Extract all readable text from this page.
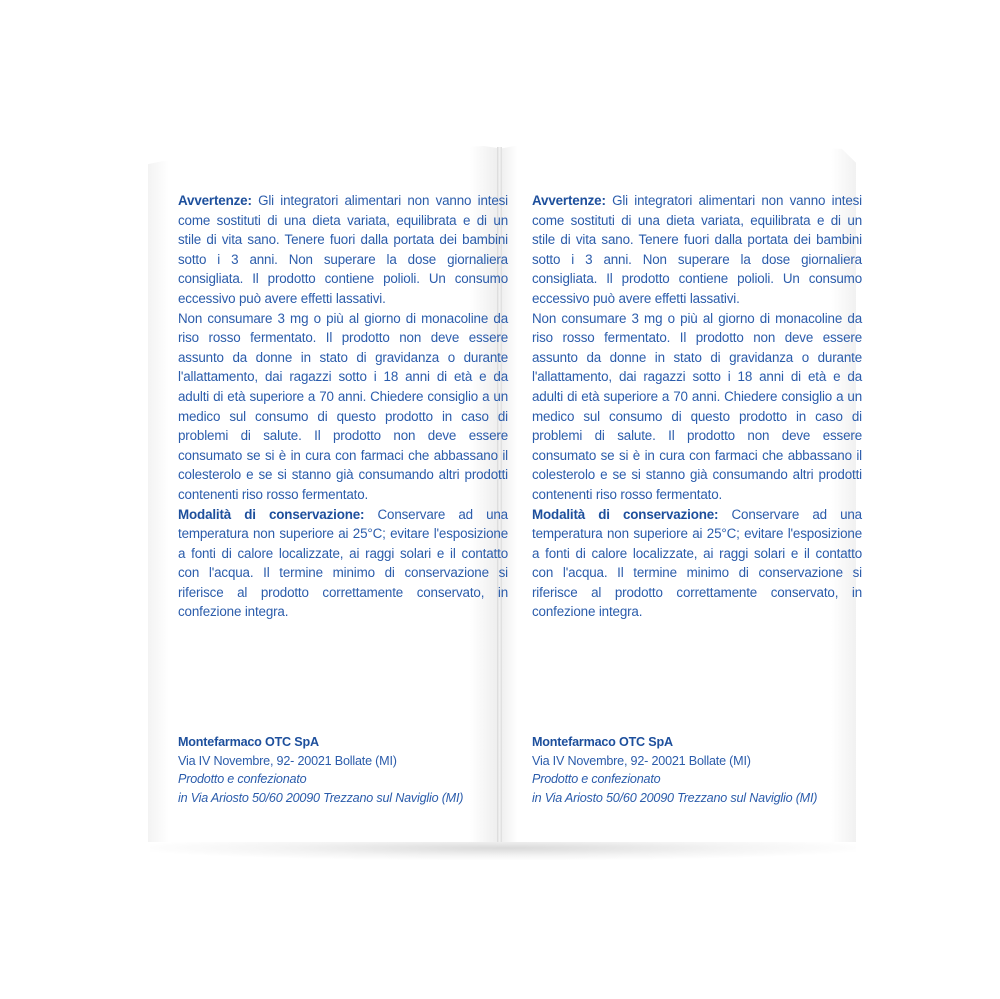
Avvertenze: Gli integratori alimentari non vanno intesi come sostituti di una dieta variata, equilibrata e di un stile di vita sano. Tenere fuori dalla portata dei bambini sotto i 3 anni. Non superare la dose giornaliera consigliata. Il prodotto contiene polioli. Un consumo eccessivo può avere effetti lassativi.

Non consumare 3 mg o più al giorno di monacoline da riso rosso fermentato. Il prodotto non deve essere assunto da donne in stato di gravidanza o durante l'allattamento, dai ragazzi sotto i 18 anni di età e da adulti di età superiore a 70 anni. Chiedere consiglio a un medico sul consumo di questo prodotto in caso di problemi di salute. Il prodotto non deve essere consumato se si è in cura con farmaci che abbassano il colesterolo e se si stanno già consumando altri prodotti contenenti riso rosso fermentato.

Modalità di conservazione: Conservare ad una temperatura non superiore ai 25°C; evitare l'esposizione a fonti di calore localizzate, ai raggi solari e il contatto con l'acqua. Il termine minimo di conservazione si riferisce al prodotto correttamente conservato, in confezione integra.

Montefarmaco OTC SpA
Via IV Novembre, 92- 20021 Bollate (MI)
Prodotto e confezionato
in Via Ariosto 50/60 20090 Trezzano sul Naviglio (MI)

Avvertenze: Gli integratori alimentari non vanno intesi come sostituti di una dieta variata, equilibrata e di un stile di vita sano. Tenere fuori dalla portata dei bambini sotto i 3 anni. Non superare la dose giornaliera consigliata. Il prodotto contiene polioli. Un consumo eccessivo può avere effetti lassativi.

Non consumare 3 mg o più al giorno di monacoline da riso rosso fermentato. Il prodotto non deve essere assunto da donne in stato di gravidanza o durante l'allattamento, dai ragazzi sotto i 18 anni di età e da adulti di età superiore a 70 anni. Chiedere consiglio a un medico sul consumo di questo prodotto in caso di problemi di salute. Il prodotto non deve essere consumato se si è in cura con farmaci che abbassano il colesterolo e se si stanno già consumando altri prodotti contenenti riso rosso fermentato.

Modalità di conservazione: Conservare ad una temperatura non superiore ai 25°C; evitare l'esposizione a fonti di calore localizzate, ai raggi solari e il contatto con l'acqua. Il termine minimo di conservazione si riferisce al prodotto correttamente conservato, in confezione integra.

Montefarmaco OTC SpA
Via IV Novembre, 92- 20021 Bollate (MI)
Prodotto e confezionato
in Via Ariosto 50/60 20090 Trezzano sul Naviglio (MI)
